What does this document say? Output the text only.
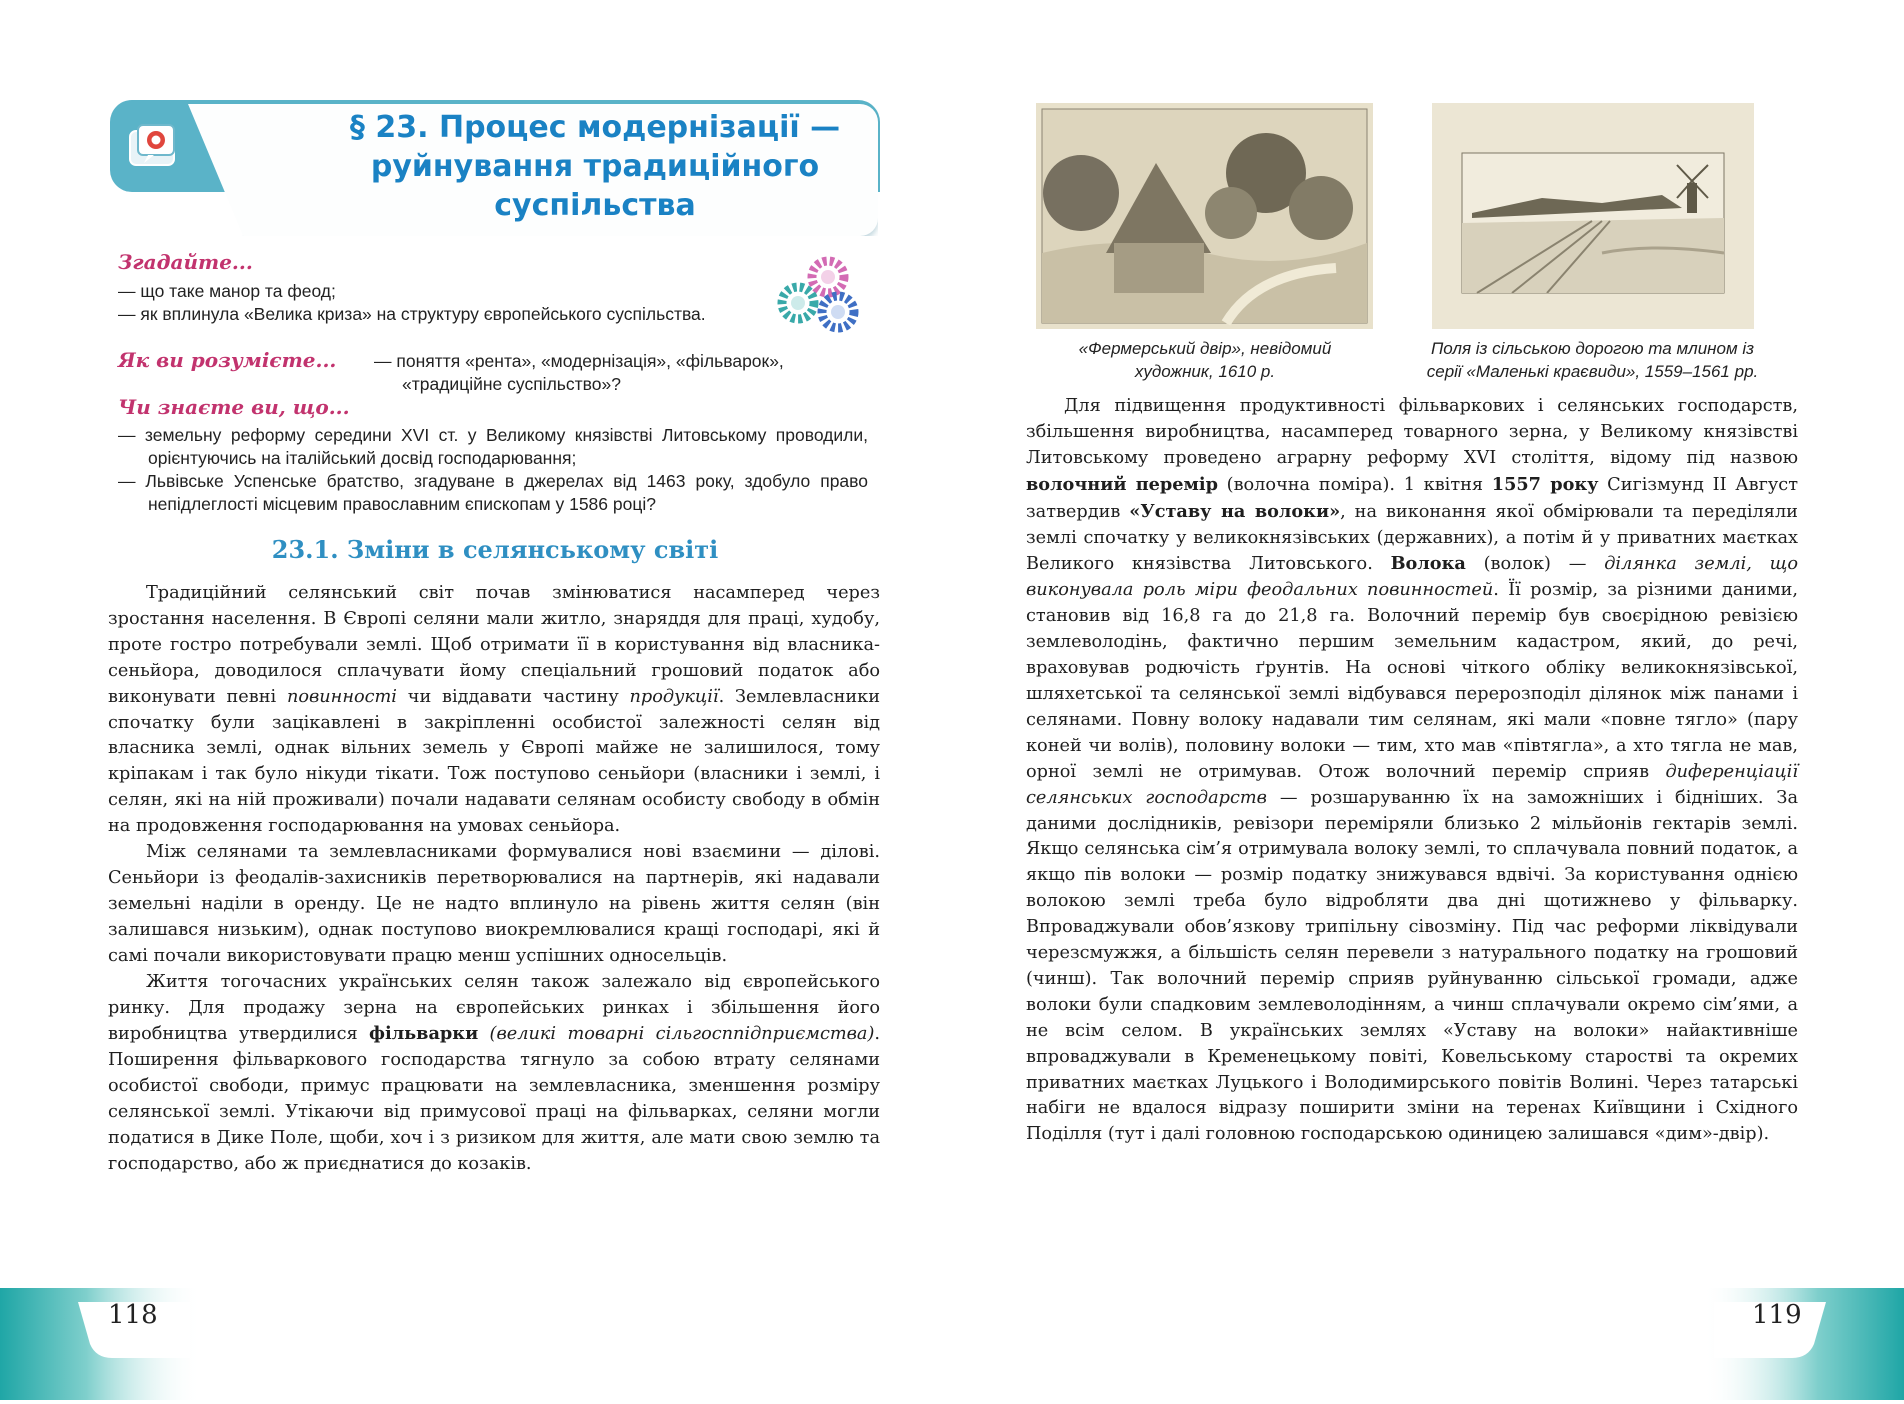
§ 23. Процес модернізації —
руйнування традиційного
суспільства
Згадайте...
— що таке манор та феод;
— як вплинула «Велика криза» на структуру європейського суспільства.
Як ви розумієте... — поняття «рента», «модернізація», «фільварок»,
«традиційне суспільство»?
Чи знаєте ви, що...
— земельну реформу середини XVI ст. у Великому князівстві Литовському проводили, орієнтуючись на італійський досвід господарювання;
— Львівське Успенське братство, згадуване в джерелах від 1463 року, здобуло право непідлеглості місцевим православним єпископам у 1586 році?
23.1. Зміни в селянському світі

Традиційний селянський світ почав змінюватися насамперед через зростання населення. В Європі селяни мали житло, знаряддя для праці, худобу, проте гостро потребували землі. Щоб отримати її в користування від власника-сеньйора, доводилося сплачувати йому спеціальний грошовий податок або виконувати певні повинності чи віддавати частину продукції. Землевласники спочатку були зацікавлені в закріпленні особистої залежності селян від власника землі, однак вільних земель у Європі майже не залишилося, тому кріпакам і так було нікуди тікати. Тож поступово сеньйори (власники і землі, і селян, які на ній проживали) почали надавати селянам особисту свободу в обмін на продовження господарювання на умовах сеньйора.

Між селянами та землевласниками формувалися нові взаємини — ділові. Сеньйори із феодалів-захисників перетворювалися на партнерів, які надавали земельні наділи в оренду. Це не надто вплинуло на рівень життя селян (він залишався низьким), однак поступово виокремлювалися кращі господарі, які й самі почали використовувати працю менш успішних односельців.

Життя тогочасних українських селян також залежало від європейського ринку. Для продажу зерна на європейських ринках і збільшення його виробництва утвердилися фільварки (великі товарні сільгосппідприємства). Поширення фільваркового господарства тягнуло за собою втрату селянами особистої свободи, примус працювати на землевласника, зменшення розміру селянської землі. Утікаючи від примусової праці на фільварках, селяни могли податися в Дике Поле, щоби, хоч і з ризиком для життя, але мати свою землю та господарство, або ж приєднатися до козаків.

«Фермерський двір», невідомий
художник, 1610 р.
Поля із сільською дорогою та млином із
серії «Маленькі краєвиди», 1559–1561 рр.

Для підвищення продуктивності фільваркових і селянських господарств, збільшення виробництва, насамперед товарного зерна, у Великому князівстві Литовському проведено аграрну реформу XVI століття, відому під назвою волочний перемір (волочна поміра). 1 квітня 1557 року Сигізмунд II Август затвердив «Уставу на волоки», на виконання якої обмірювали та переділяли землі спочатку у великокнязівських (державних), а потім й у приватних маєтках Великого князівства Литовського. Волока (волок) — ділянка землі, що виконувала роль міри феодальних повинностей. Її розмір, за різними даними, становив від 16,8 га до 21,8 га. Волочний перемір був своєрідною ревізією землеволодінь, фактично першим земельним кадастром, який, до речі, враховував родючість ґрунтів. На основі чіткого обліку великокнязівської, шляхетської та селянської землі відбувався перерозподіл ділянок між панами і селянами. Повну волоку надавали тим селянам, які мали «повне тягло» (пару коней чи волів), половину волоки — тим, хто мав «півтягла», а хто тягла не мав, орної землі не отримував. Отож волочний перемір сприяв диференціації селянських господарств — розшаруванню їх на заможніших і бідніших. За даними дослідників, ревізори переміряли близько 2 мільйонів гектарів землі. Якщо селянська сім’я отримувала волоку землі, то сплачувала повний податок, а якщо пів волоки — розмір податку знижувався вдвічі. За користування однією волокою землі треба було відробляти два дні щотижнево у фільварку. Впроваджували обов’язкову трипільну сівозміну. Під час реформи ліквідували черезсмужжя, а більшість селян перевели з натурального податку на грошовий (чинш). Так волочний перемір сприяв руйнуванню сільської громади, адже волоки були спадковим землеволодінням, а чинш сплачували окремо сім’ями, а не всім селом. В українських землях «Уставу на волоки» найактивніше впроваджували в Кременецькому повіті, Ковельському старостві та окремих приватних маєтках Луцького і Володимирського повітів Волині. Через татарські набіги не вдалося відразу поширити зміни на теренах Київщини і Східного Поділля (тут і далі головною господарською одиницею залишався «дим»-двір).

118	119
